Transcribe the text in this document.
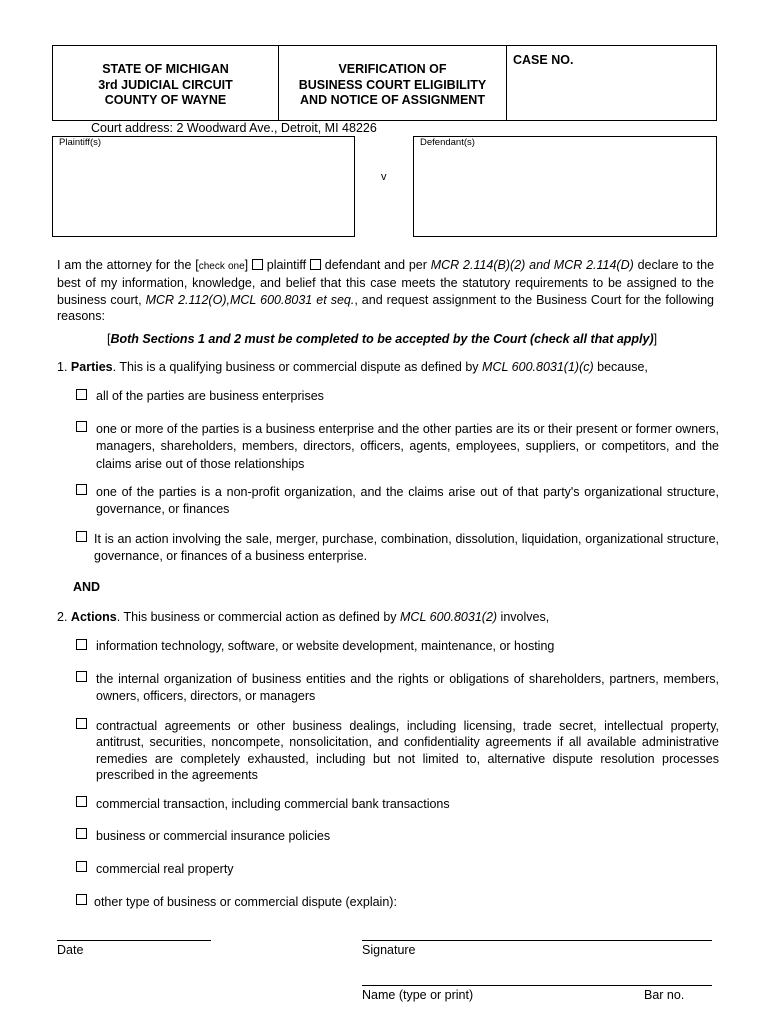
STATE OF MICHIGAN
3rd JUDICIAL CIRCUIT
COUNTY OF WAYNE
VERIFICATION OF
BUSINESS COURT ELIGIBILITY
AND NOTICE OF ASSIGNMENT
CASE NO.
Court address: 2 Woodward Ave., Detroit, MI 48226
Plaintiff(s)
v
Defendant(s)
I am the attorney for the [check one]  plaintiff  defendant and per MCR 2.114(B)(2) and MCR 2.114(D) declare to the best of my information, knowledge, and belief that this case meets the statutory requirements to be assigned to the business court, MCR 2.112(O),MCL 600.8031 et seq., and request assignment to the Business Court for the following reasons:
[Both Sections 1 and 2 must be completed to be accepted by the Court (check all that apply)]
1. Parties. This is a qualifying business or commercial dispute as defined by MCL 600.8031(1)(c) because,
all of the parties are business enterprises
one or more of the parties is a business enterprise and the other parties are its or their present or former owners, managers, shareholders, members, directors, officers, agents, employees, suppliers, or competitors, and the claims arise out of those relationships
one of the parties is a non-profit organization, and the claims arise out of that party's organizational structure, governance, or finances
It is an action involving the sale, merger, purchase, combination, dissolution, liquidation, organizational structure, governance, or finances of a business enterprise.
AND
2. Actions. This business or commercial action as defined by MCL 600.8031(2) involves,
information technology, software, or website development, maintenance, or hosting
the internal organization of business entities and the rights or obligations of shareholders, partners, members, owners, officers, directors, or managers
contractual agreements or other business dealings, including licensing, trade secret, intellectual property, antitrust, securities, noncompete, nonsolicitation, and confidentiality agreements if all available administrative remedies are completely exhausted, including but not limited to, alternative dispute resolution processes prescribed in the agreements
commercial transaction, including commercial bank transactions
business or commercial insurance policies
commercial real property
other type of business or commercial dispute (explain):
Date	Signature
Name (type or print)	Bar no.
